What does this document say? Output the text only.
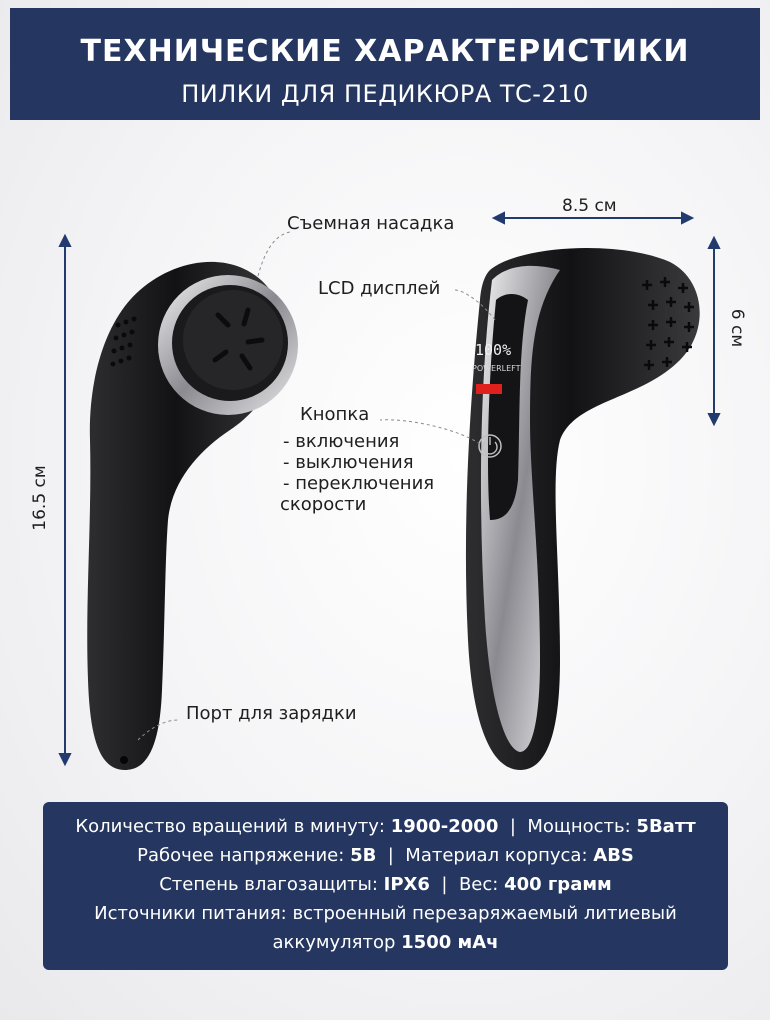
ТЕХНИЧЕСКИЕ ХАРАКТЕРИСТИКИ
ПИЛКИ ДЛЯ ПЕДИКЮРА ТС-210
100%
POWERLEFT
Съемная насадка
LCD дисплей
Кнопка
- включения
- выключения
- переключения
скорости
Порт для зарядки
8.5 см
6 см
16.5 см
Количество вращений в минуту: 1900-2000 | Мощность: 5Ватт
Рабочее напряжение: 5В | Материал корпуса: ABS
Степень влагозащиты: IPX6 | Вес: 400 грамм
Источники питания: встроенный перезаряжаемый литиевый
аккумулятор 1500 мАч
